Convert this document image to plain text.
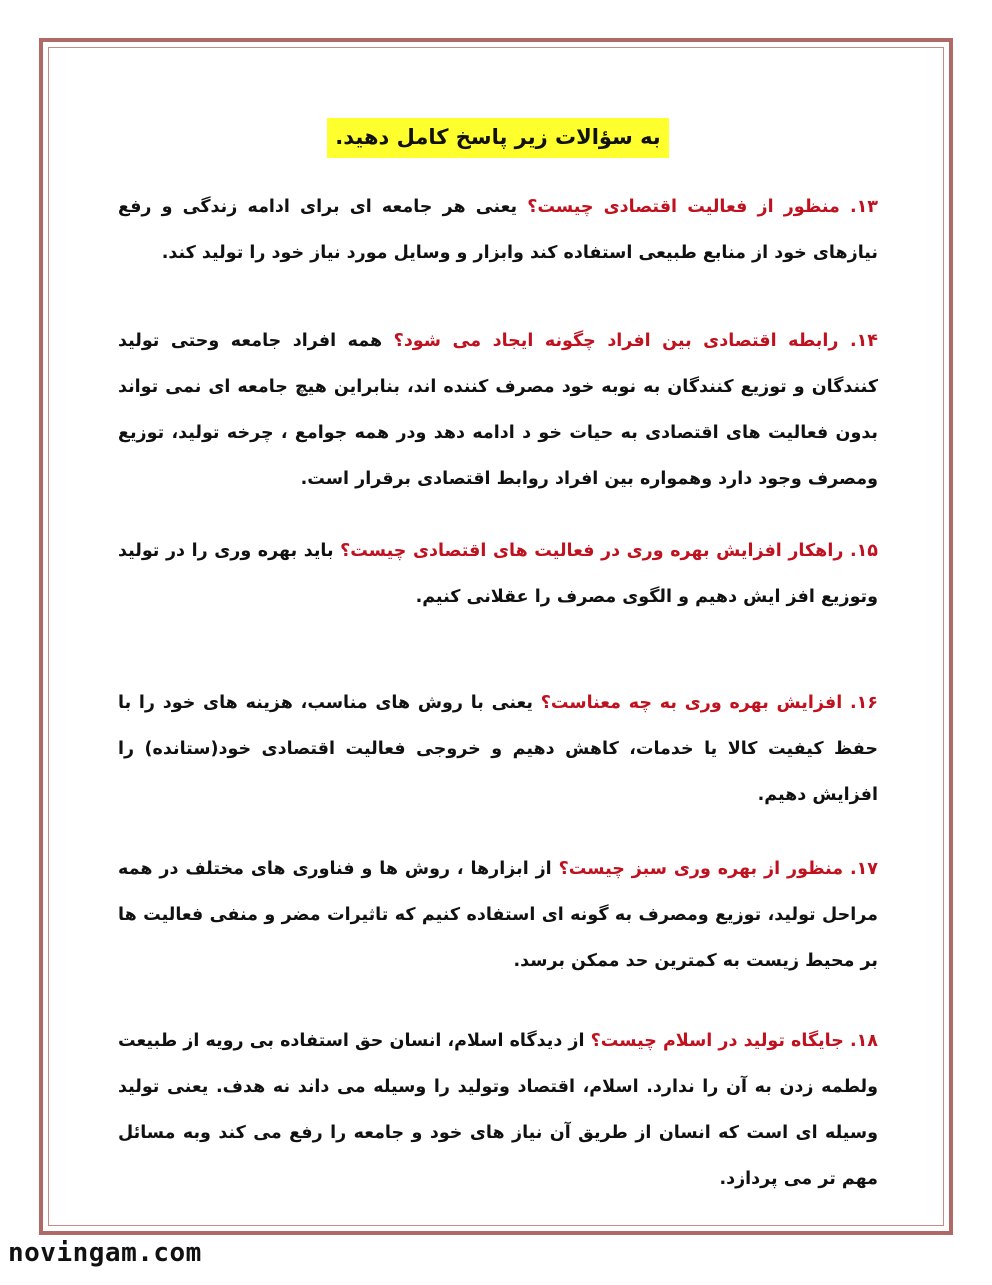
به سؤالات زیر پاسخ کامل دهید.
۱۳. منظور از فعالیت اقتصادی چیست؟ یعنی هر جامعه ای برای ادامه زندگی و رفع نیازهای خود از منابع طبیعی استفاده کند وابزار و وسایل مورد نیاز خود را تولید کند.
۱۴. رابطه اقتصادی بین افراد چگونه ایجاد می شود؟ همه افراد جامعه وحتی تولید کنندگان و توزیع کنندگان به نوبه خود مصرف کننده اند، بنابراین هیچ جامعه ای نمی تواند بدون فعالیت های اقتصادی به حیات خو د ادامه دهد ودر همه جوامع ، چرخه تولید، توزیع ومصرف وجود دارد وهمواره بین افراد روابط اقتصادی برقرار است.
۱۵. راهکار افزایش بهره وری در فعالیت های اقتصادی چیست؟ باید بهره وری را در تولید وتوزیع افز ایش دهیم و الگوی مصرف را عقلانی کنیم.
۱۶. افزایش بهره وری به چه معناست؟ یعنی با روش های مناسب، هزینه های خود را با حفظ کیفیت کالا یا خدمات، کاهش دهیم و خروجی فعالیت اقتصادی خود(ستانده) را افزایش دهیم.
۱۷. منظور از بهره وری سبز چیست؟ از ابزارها ، روش ها و فناوری های مختلف در همه مراحل تولید، توزیع ومصرف به گونه ای استفاده کنیم که تاثیرات مضر و منفی فعالیت ها بر محیط زیست به کمترین حد ممکن برسد.
۱۸. جایگاه تولید در اسلام چیست؟ از دیدگاه اسلام، انسان حق استفاده بی رویه از طبیعت ولطمه زدن به آن را ندارد. اسلام، اقتصاد وتولید را وسیله می داند نه هدف. یعنی تولید وسیله ای است که انسان از طریق آن نیاز های خود و جامعه را رفع می کند وبه مسائل مهم تر می پردازد.
novingam.com
